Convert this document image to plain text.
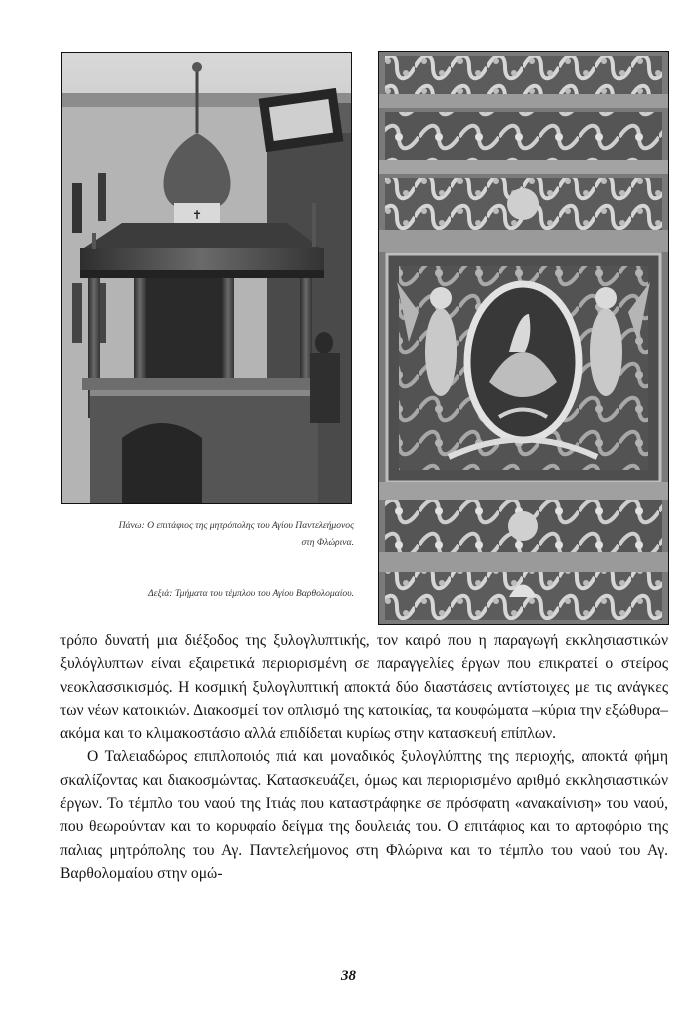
✝
Πάνω: Ο επιτάφιος της μητρόπολης του Αγίου Παντελεήμονος
στη Φλώρινα.
Δεξιά: Τμήματα του τέμπλου του Αγίου Βαρθολομαίου.

τρόπο δυνατή μια διέξοδος της ξυλογλυπτικής, τον καιρό που η παραγωγή εκκλησιαστικών ξυλόγλυπτων είναι εξαιρετικά περιορισμένη σε παραγγελίες έργων που επικρατεί ο στείρος νεοκλασσικισμός. Η κοσμική ξυλογλυπτική αποκτά δύο διαστάσεις αντίστοιχες με τις ανάγκες των νέων κατοικιών. Διακοσμεί τον οπλισμό της κατοικίας, τα κουφώματα –κύρια την εξώθυρα– ακόμα και το κλιμακοστάσιο αλλά επιδίδεται κυρίως στην κατασκευή επίπλων.

Ο Ταλειαδώρος επιπλοποιός πιά και μοναδικός ξυλογλύπτης της περιοχής, αποκτά φήμη σκαλίζοντας και διακοσμώντας. Κατασκευάζει, όμως και περιορισμένο αριθμό εκκλησιαστικών έργων. Το τέμπλο του ναού της Ιτιάς που καταστράφηκε σε πρόσφατη «ανακαίνιση» του ναού, που θεωρούνταν και το κορυφαίο δείγμα της δουλειάς του. Ο επιτάφιος και το αρτοφόριο της παλιας μητρόπολης του Αγ. Παντελεήμονος στη Φλώρινα και το τέμπλο του ναού του Αγ. Βαρθολομαίου στην ομώ-

38
